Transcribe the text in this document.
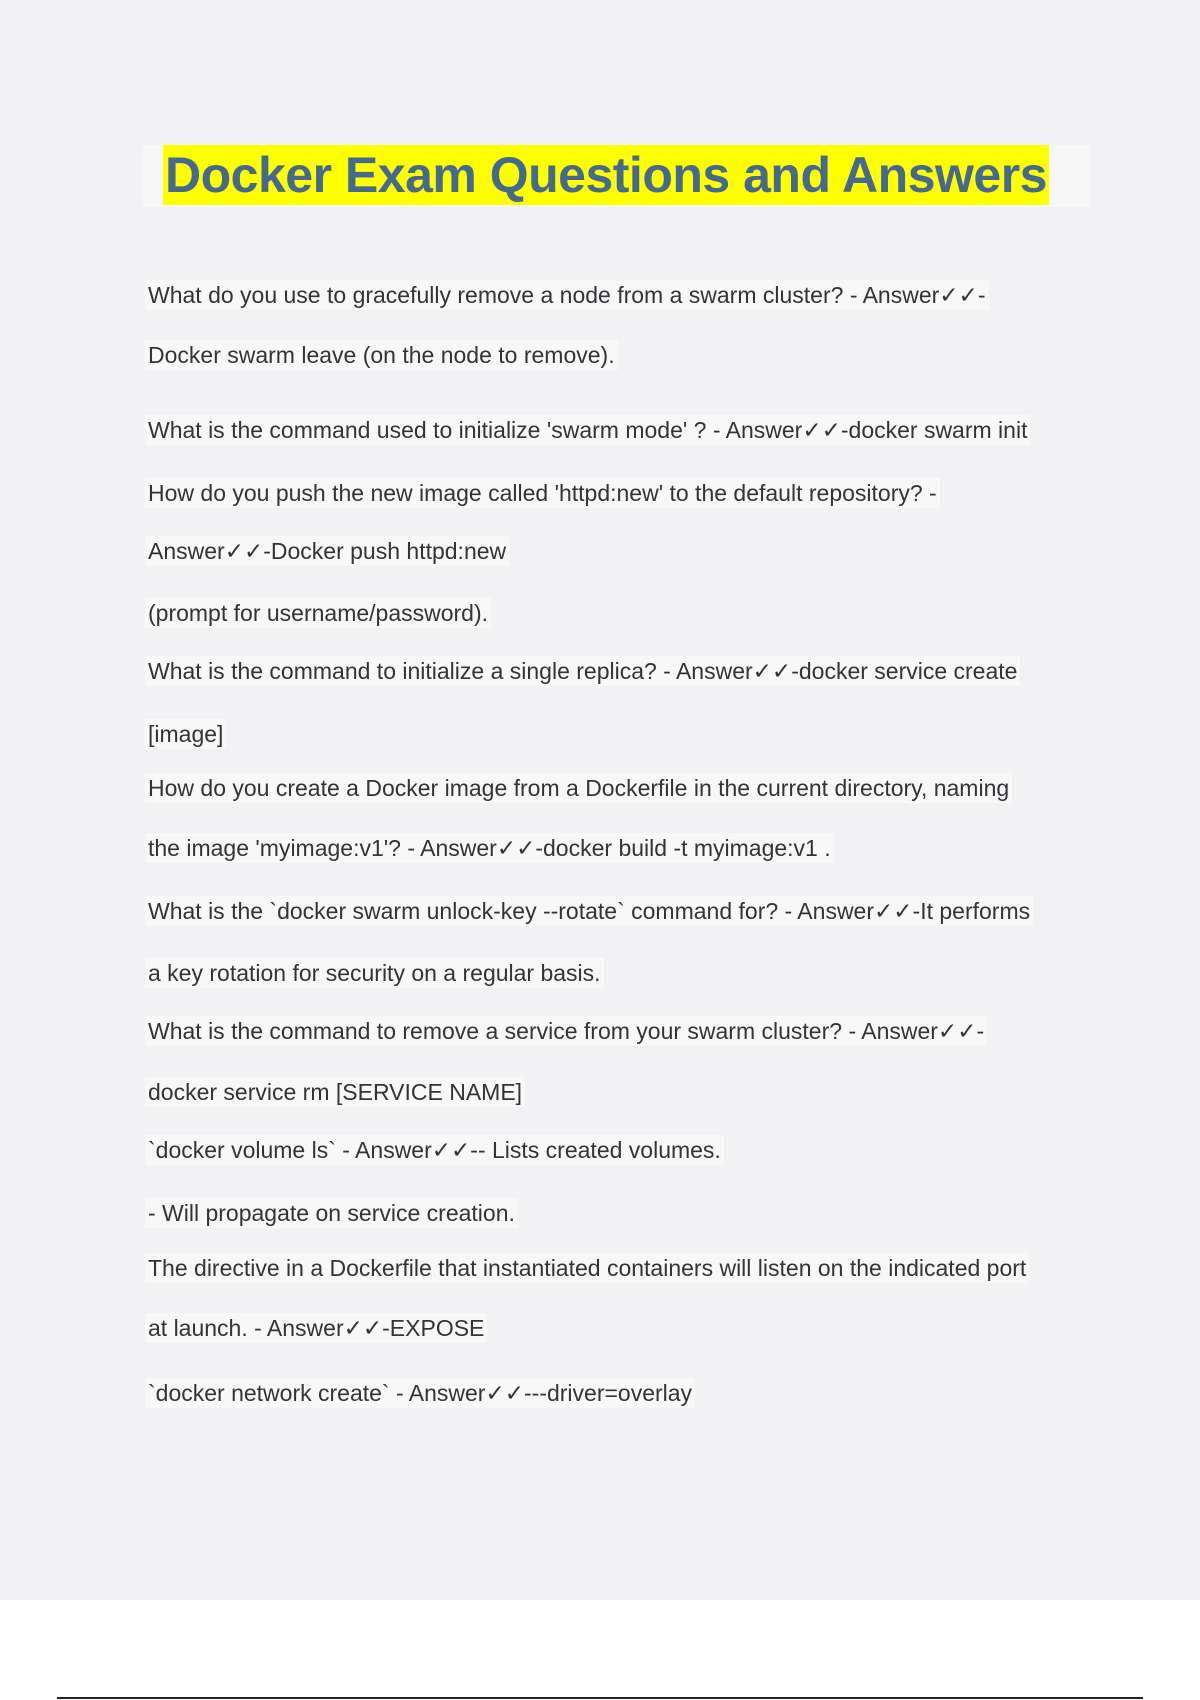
Docker Exam Questions and Answers
What do you use to gracefully remove a node from a swarm cluster? - Answer✓✓-
Docker swarm leave (on the node to remove).
What is the command used to initialize 'swarm mode' ? - Answer✓✓-docker swarm init
How do you push the new image called 'httpd:new' to the default repository? -
Answer✓✓-Docker push httpd:new
(prompt for username/password).
What is the command to initialize a single replica? - Answer✓✓-docker service create
[image]
How do you create a Docker image from a Dockerfile in the current directory, naming
the image 'myimage:v1'? - Answer✓✓-docker build -t myimage:v1 .
What is the `docker swarm unlock-key --rotate` command for? - Answer✓✓-It performs
a key rotation for security on a regular basis.
What is the command to remove a service from your swarm cluster? - Answer✓✓-
docker service rm [SERVICE NAME]
`docker volume ls` - Answer✓✓-- Lists created volumes.
- Will propagate on service creation.
The directive in a Dockerfile that instantiated containers will listen on the indicated port
at launch. - Answer✓✓-EXPOSE
`docker network create` - Answer✓✓---driver=overlay
